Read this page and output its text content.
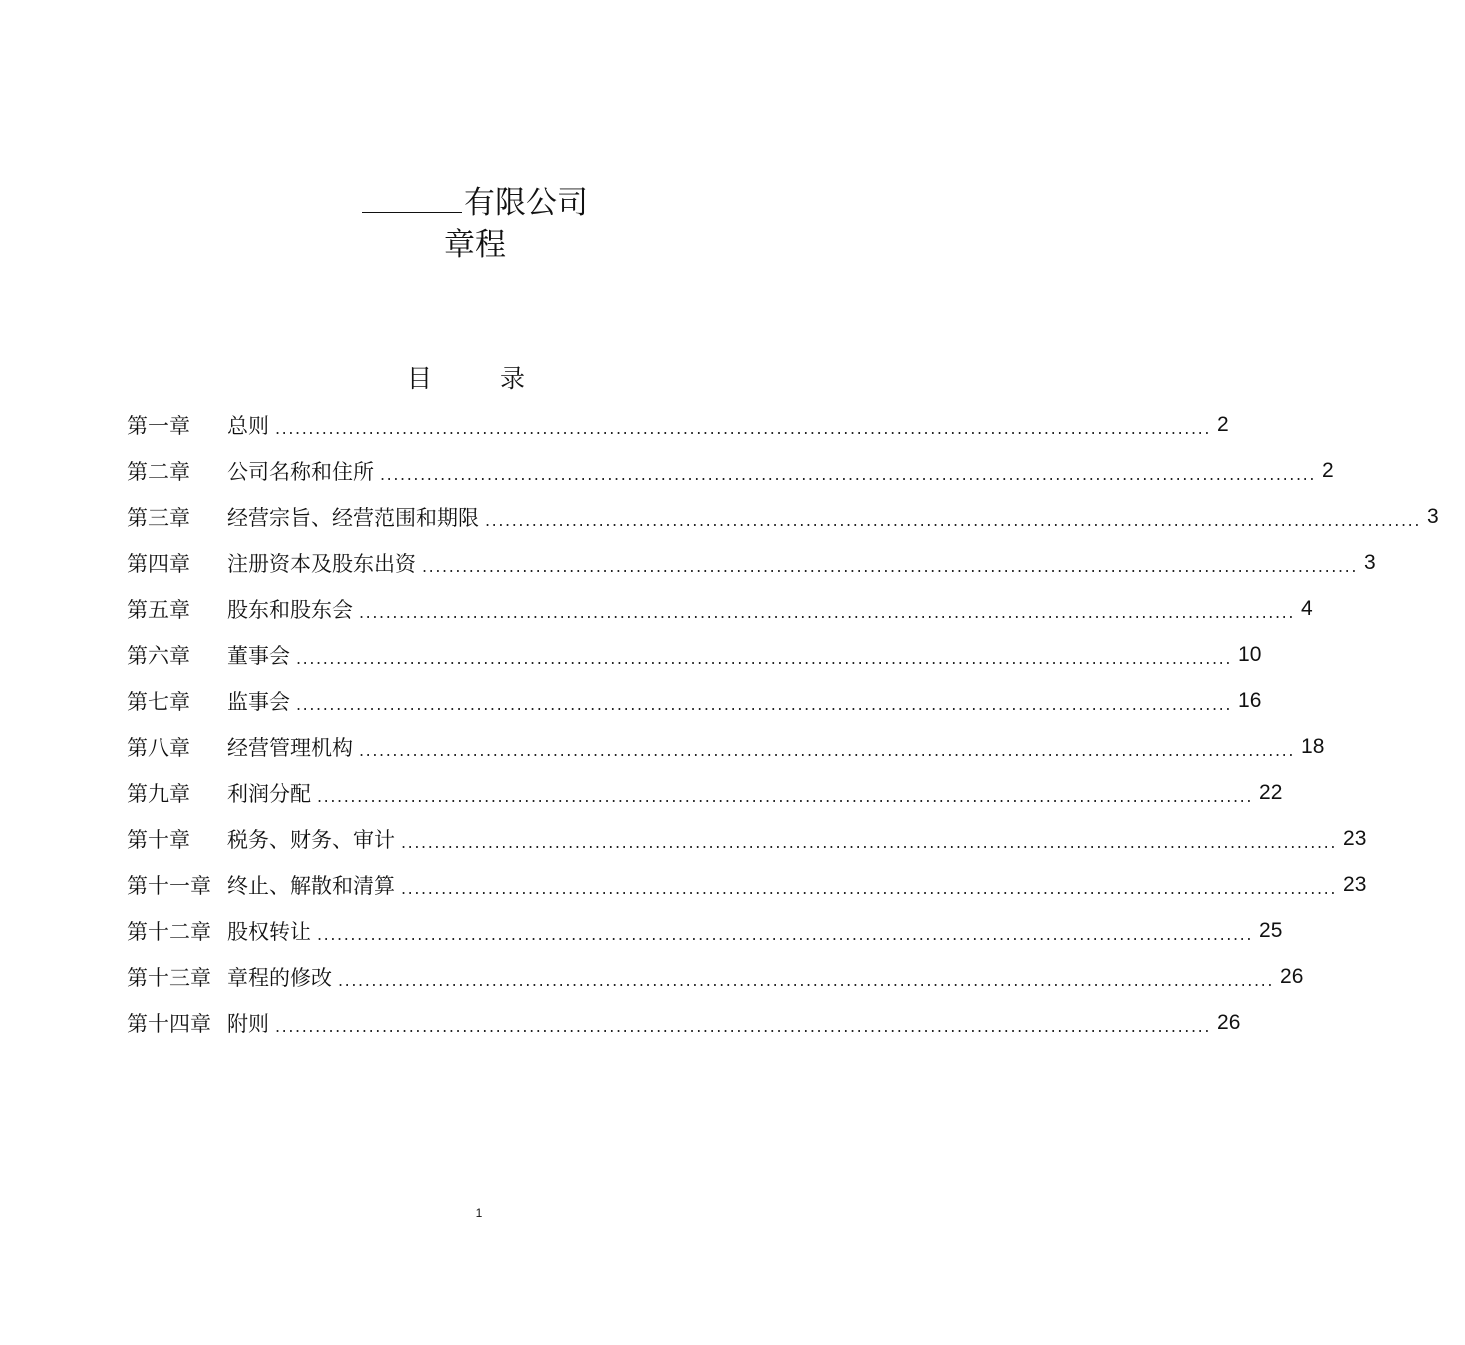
有限公司
章程
目 录
第一章	总则 ............................................................................................................................................ 2
第二章	公司名称和住所 ............................................................................................................................................ 2
第三章	经营宗旨、经营范围和期限 ............................................................................................................................................ 3
第四章	注册资本及股东出资 ............................................................................................................................................ 3
第五章	股东和股东会 ............................................................................................................................................ 4
第六章	董事会 ............................................................................................................................................ 10
第七章	监事会 ............................................................................................................................................ 16
第八章	经营管理机构 ............................................................................................................................................ 18
第九章	利润分配 ............................................................................................................................................ 22
第十章	税务、财务、审计 ............................................................................................................................................ 23
第十一章 终止、解散和清算 ............................................................................................................................................ 23
第十二章 股权转让 ............................................................................................................................................ 25
第十三章 章程的修改 ............................................................................................................................................ 26
第十四章 附则 ............................................................................................................................................ 26
1
